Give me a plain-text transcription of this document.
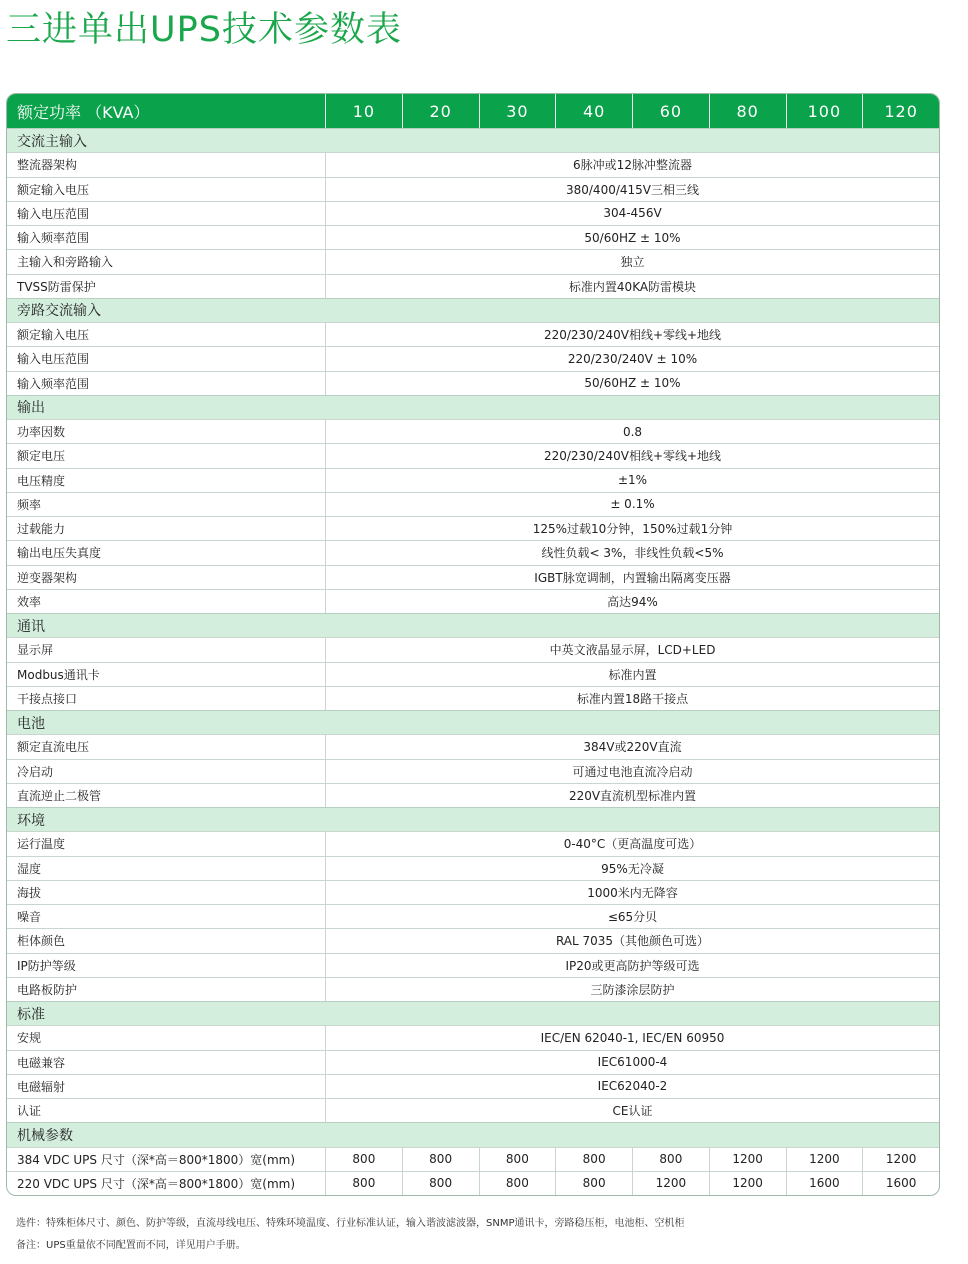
三进单出UPS技术参数表
额定功率 （KVA）	10	20	30	40	60	80	100	120
交流主输入
整流器架构	6脉冲或12脉冲整流器
额定输入电压	380/400/415V三相三线
输入电压范围	304-456V
输入频率范围	50/60HZ ± 10%
主输入和旁路输入	独立
TVSS防雷保护	标准内置40KA防雷模块
旁路交流输入
额定输入电压	220/230/240V相线+零线+地线
输入电压范围	220/230/240V ± 10%
输入频率范围	50/60HZ ± 10%
输出
功率因数	0.8
额定电压	220/230/240V相线+零线+地线
电压精度	±1%
频率	± 0.1%
过载能力	125%过载10分钟，150%过载1分钟
输出电压失真度	线性负载< 3%，非线性负载<5%
逆变器架构	IGBT脉宽调制，内置输出隔离变压器
效率	高达94%
通讯
显示屏	中英文液晶显示屏，LCD+LED
Modbus通讯卡	标准内置
干接点接口	标准内置18路干接点
电池
额定直流电压	384V或220V直流
冷启动	可通过电池直流冷启动
直流逆止二极管	220V直流机型标准内置
环境
运行温度	0-40°C（更高温度可选）
湿度	95%无冷凝
海拔	1000米内无降容
噪音	≤65分贝
柜体颜色	RAL 7035（其他颜色可选）
IP防护等级	IP20或更高防护等级可选
电路板防护	三防漆涂层防护
标准
安规	IEC/EN 62040-1, IEC/EN 60950
电磁兼容	IEC61000-4
电磁辐射	IEC62040-2
认证	CE认证
机械参数
384 VDC UPS 尺寸（深*高＝800*1800）宽(mm)	800	800	800	800	800	1200	1200	1200
220 VDC UPS 尺寸（深*高＝800*1800）宽(mm)	800	800	800	800	1200	1200	1600	1600
选件：特殊柜体尺寸、颜色、防护等级，直流母线电压、特殊环境温度、行业标准认证，输入谐波滤波器，SNMP通讯卡，旁路稳压柜，电池柜、空机柜
备注：UPS重量依不同配置而不同，详见用户手册。
